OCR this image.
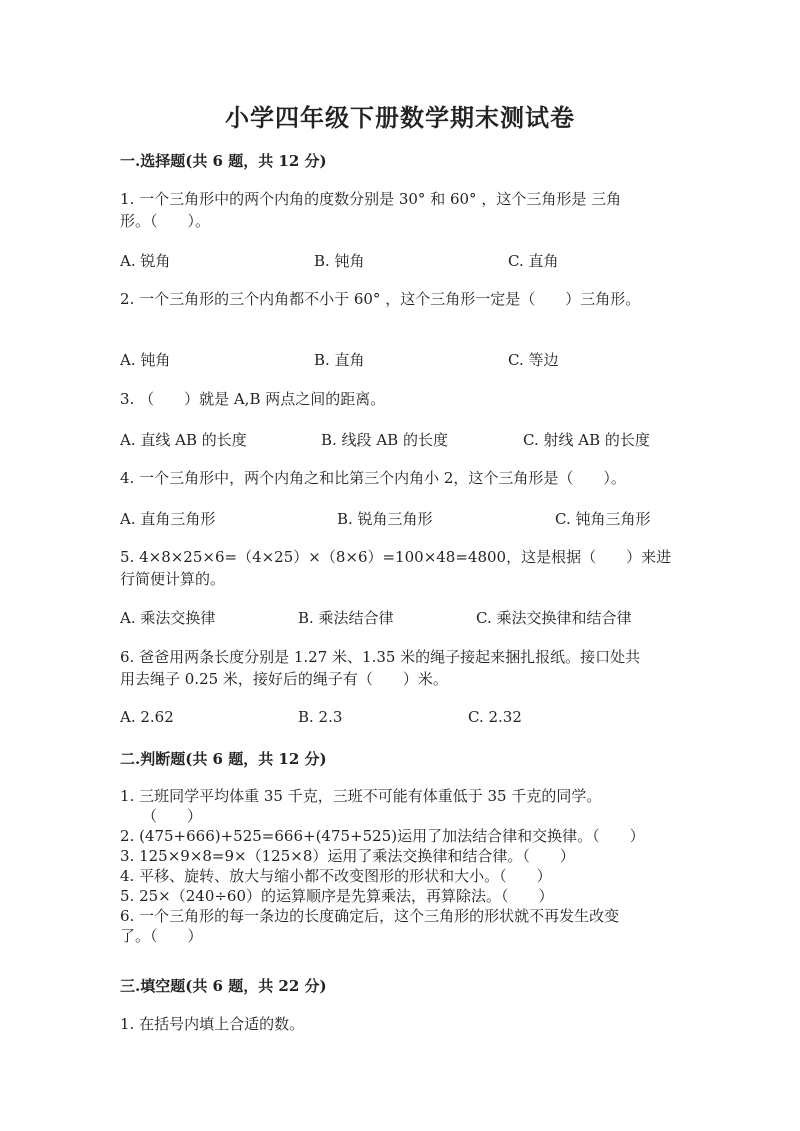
小学四年级下册数学期末测试卷
一.选择题(共 6 题，共 12 分)
1. 一个三角形中的两个内角的度数分别是 30° 和 60° ，这个三角形是 三角
形。（　　）。
A. 锐角	B. 钝角	C. 直角
2. 一个三角形的三个内角都不小于 60° ，这个三角形一定是（　　）三角形。
A. 钝角	B. 直角	C. 等边
3. （　　）就是 A,B 两点之间的距离。
A. 直线 AB 的长度	B. 线段 AB 的长度	C. 射线 AB 的长度
4. 一个三角形中，两个内角之和比第三个内角小 2，这个三角形是（　　）。
A. 直角三角形	B. 锐角三角形	C. 钝角三角形
5. 4×8×25×6=（4×25）×（8×6）=100×48=4800，这是根据（　　）来进
行简便计算的。
A. 乘法交换律	B. 乘法结合律	C. 乘法交换律和结合律
6. 爸爸用两条长度分别是 1.27 米、1.35 米的绳子接起来捆扎报纸。接口处共
用去绳子 0.25 米，接好后的绳子有（　　）米。
A. 2.62	B. 2.3	C. 2.32
二.判断题(共 6 题，共 12 分)
1. 三班同学平均体重 35 千克，三班不可能有体重低于 35 千克的同学。
（　　）
2. (475+666)+525=666+(475+525)运用了加法结合律和交换律。（　　）
3. 125×9×8=9×（125×8）运用了乘法交换律和结合律。（　　）
4. 平移、旋转、放大与缩小都不改变图形的形状和大小。（　　）
5. 25×（240÷60）的运算顺序是先算乘法，再算除法。（　　）
6. 一个三角形的每一条边的长度确定后，这个三角形的形状就不再发生改变
了。（　　）
三.填空题(共 6 题，共 22 分)
1. 在括号内填上合适的数。
